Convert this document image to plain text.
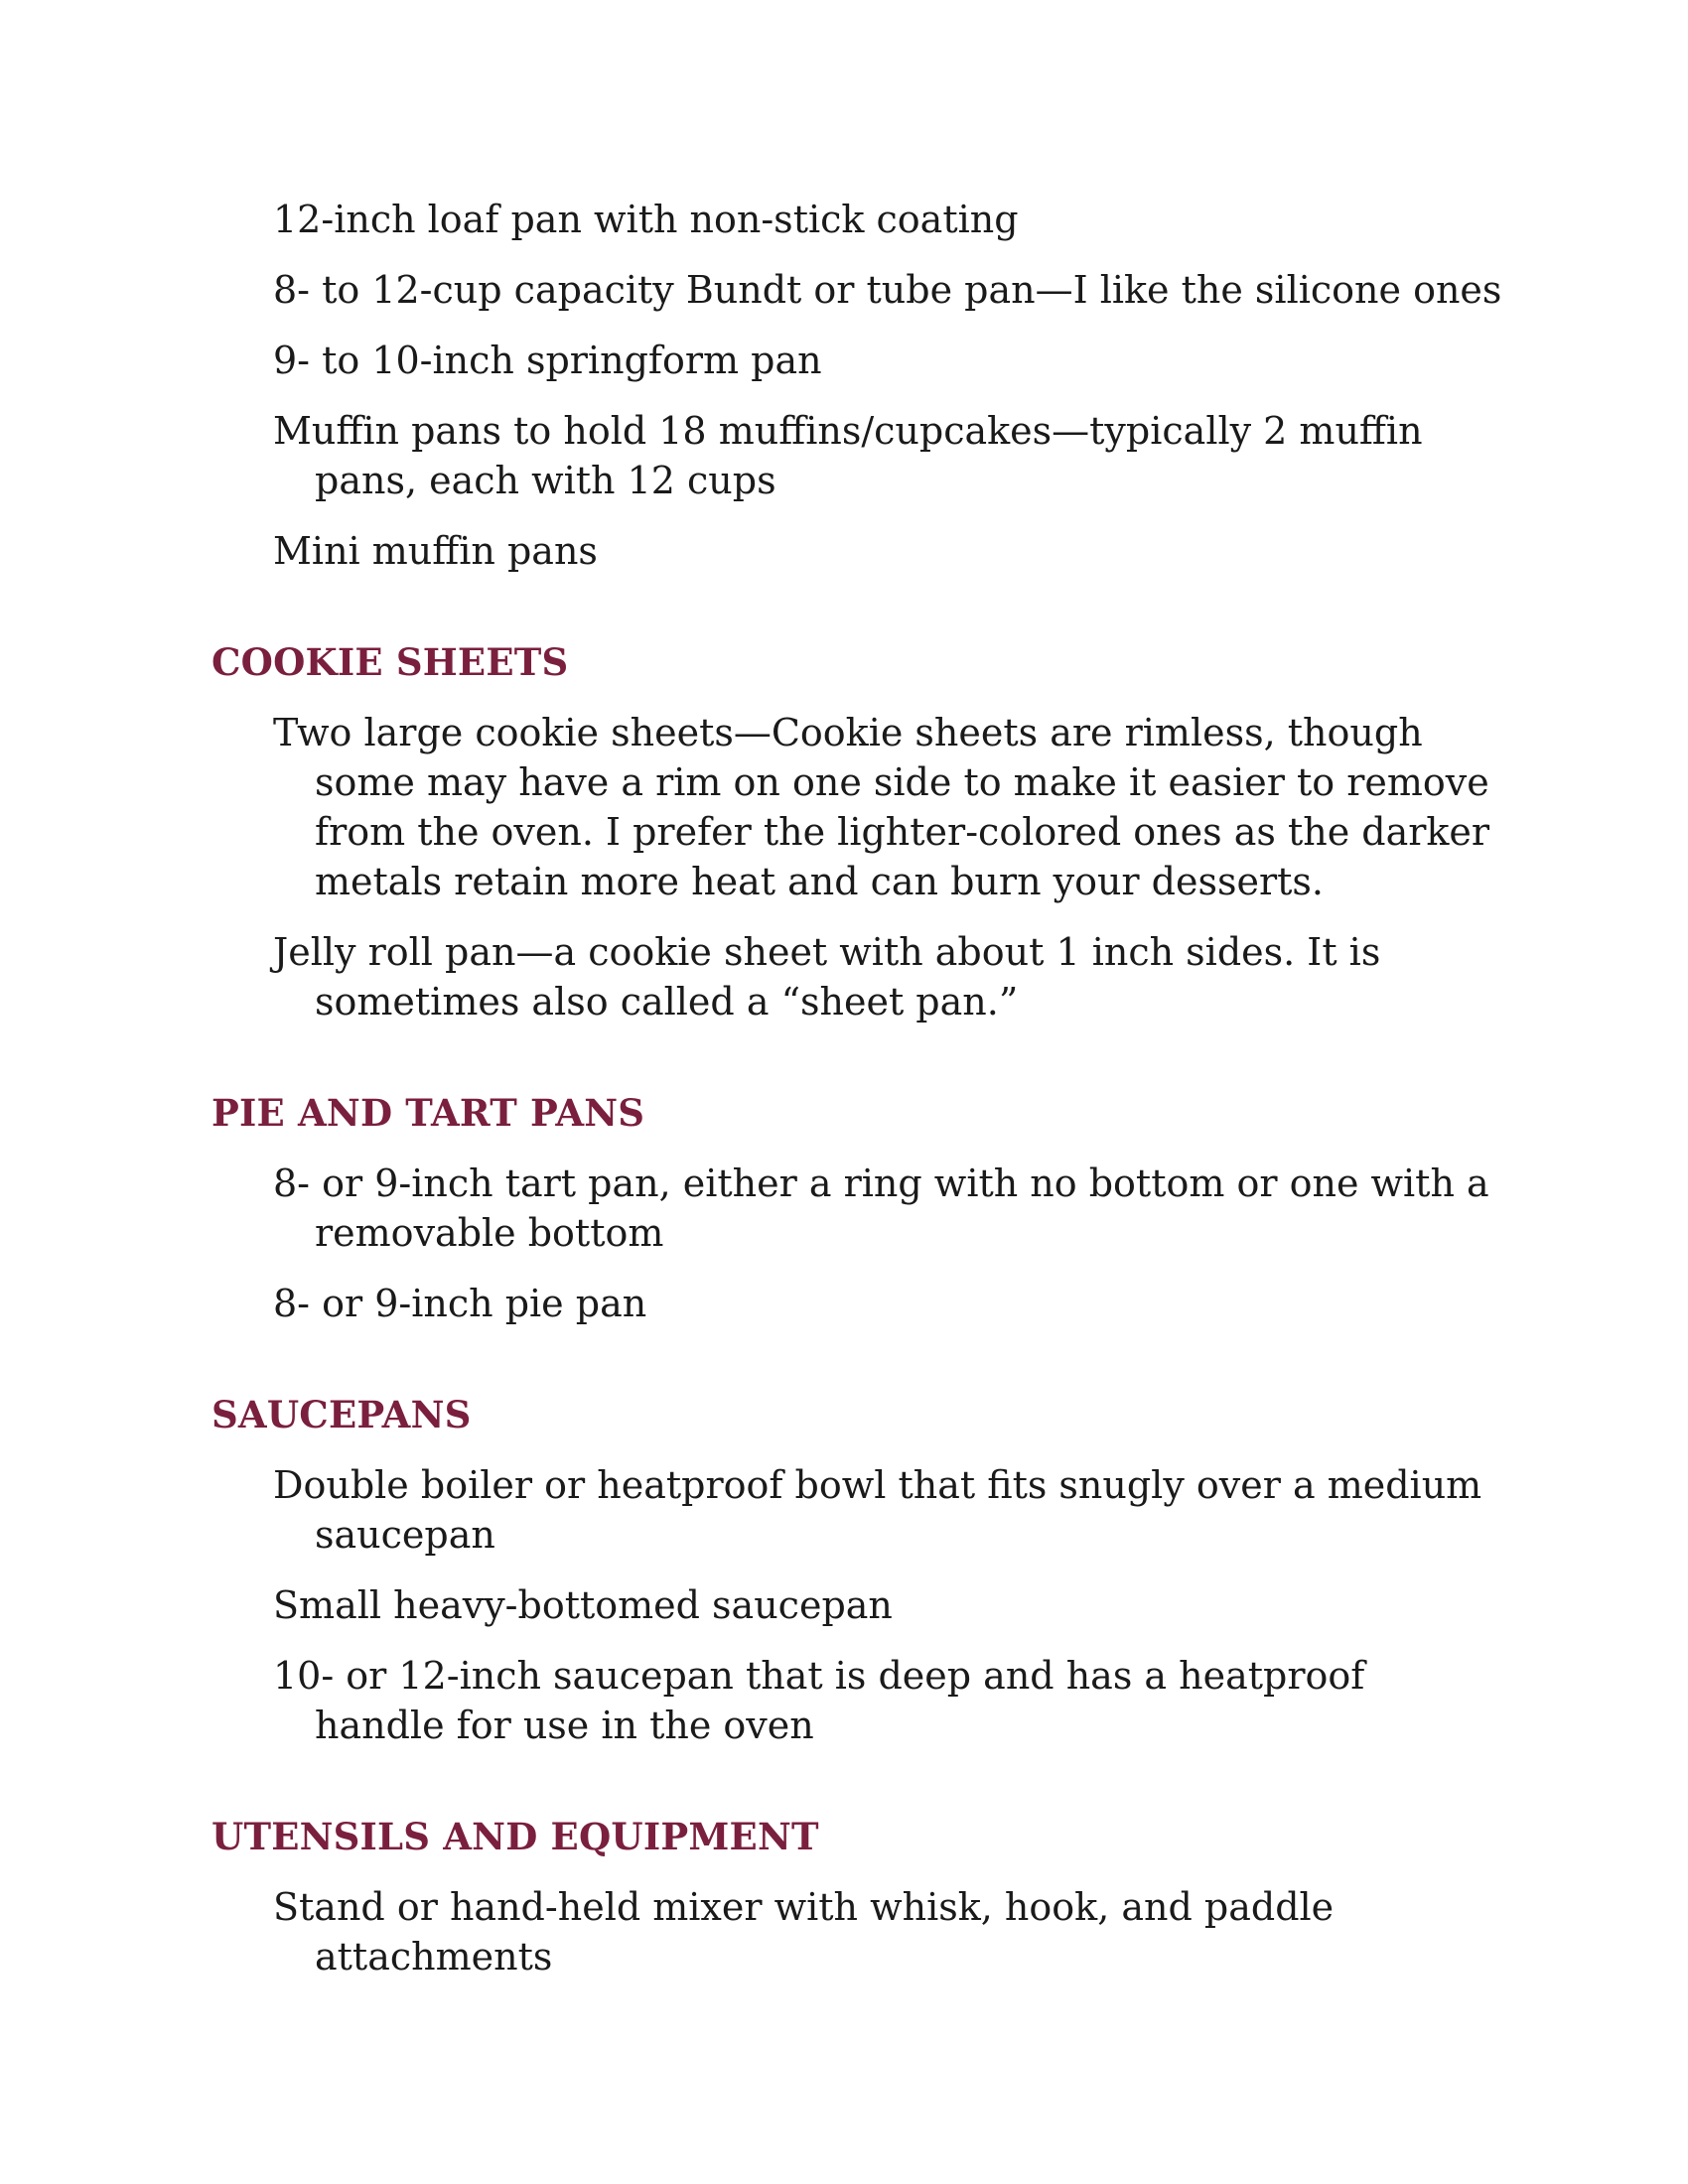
12-inch loaf pan with non-stick coating
8- to 12-cup capacity Bundt or tube pan—I like the silicone ones
9- to 10-inch springform pan
Muffin pans to hold 18 muffins/cupcakes—typically 2 muffin pans, each with 12 cups
Mini muffin pans
COOKIE SHEETS
Two large cookie sheets—Cookie sheets are rimless, though some may have a rim on one side to make it easier to remove from the oven. I prefer the lighter-colored ones as the darker metals retain more heat and can burn your desserts.
Jelly roll pan—a cookie sheet with about 1 inch sides. It is sometimes also called a “sheet pan.”
PIE AND TART PANS
8- or 9-inch tart pan, either a ring with no bottom or one with a removable bottom
8- or 9-inch pie pan
SAUCEPANS
Double boiler or heatproof bowl that fits snugly over a medium saucepan
Small heavy-bottomed saucepan
10- or 12-inch saucepan that is deep and has a heatproof handle for use in the oven
UTENSILS AND EQUIPMENT
Stand or hand-held mixer with whisk, hook, and paddle attachments
